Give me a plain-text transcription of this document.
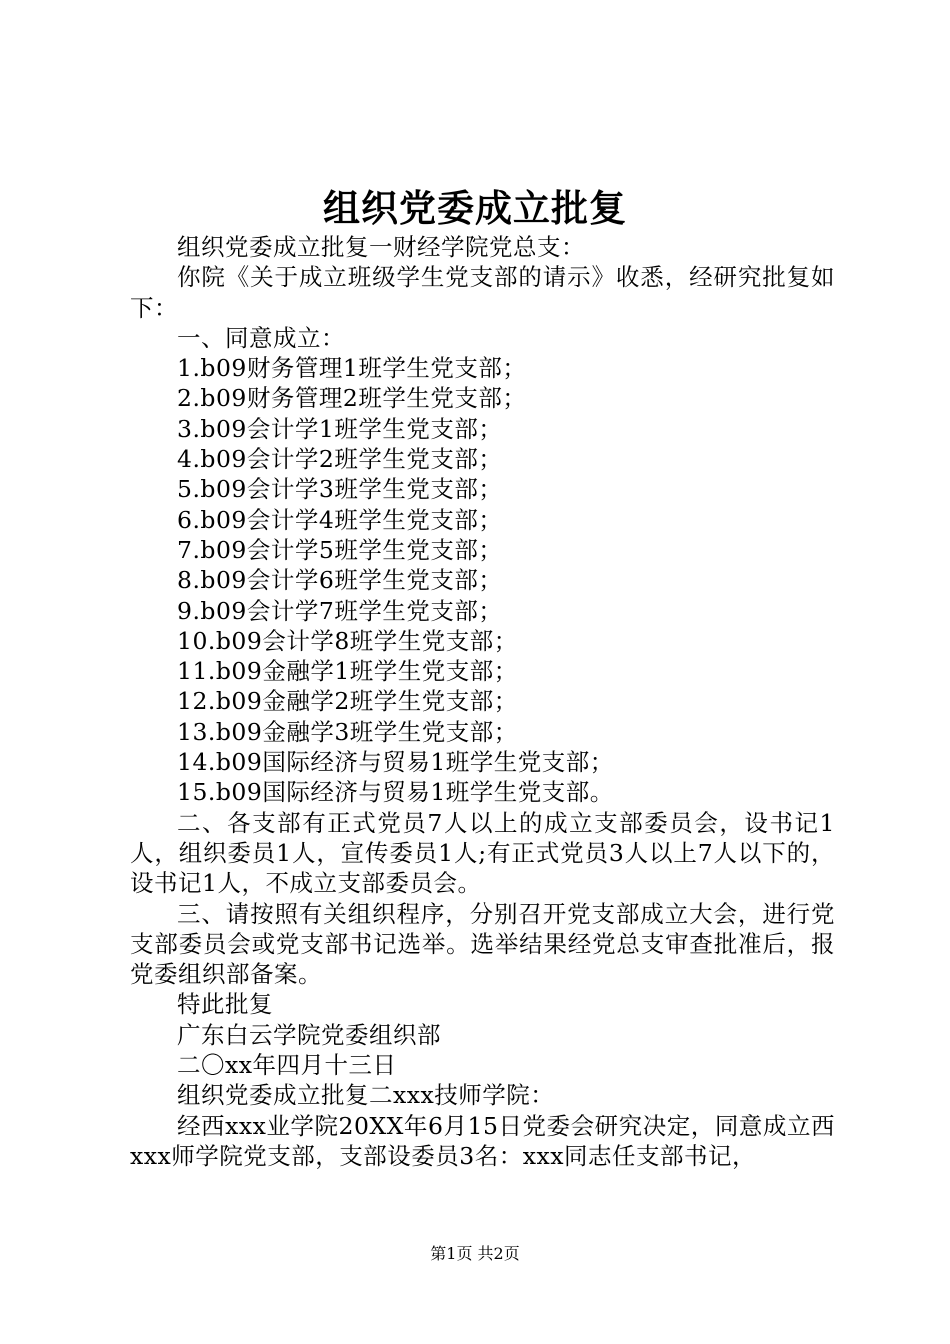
组织党委成立批复

组织党委成立批复一财经学院党总支：

你院《关于成立班级学生党支部的请示》收悉，经研究批复如下：

一、同意成立：

1.b09财务管理1班学生党支部；

2.b09财务管理2班学生党支部；

3.b09会计学1班学生党支部；

4.b09会计学2班学生党支部；

5.b09会计学3班学生党支部；

6.b09会计学4班学生党支部；

7.b09会计学5班学生党支部；

8.b09会计学6班学生党支部；

9.b09会计学7班学生党支部；

10.b09会计学8班学生党支部；

11.b09金融学1班学生党支部；

12.b09金融学2班学生党支部；

13.b09金融学3班学生党支部；

14.b09国际经济与贸易1班学生党支部；

15.b09国际经济与贸易1班学生党支部。

二、各支部有正式党员7人以上的成立支部委员会，设书记1人，组织委员1人，宣传委员1人;有正式党员3人以上7人以下的，设书记1人，不成立支部委员会。

三、请按照有关组织程序，分别召开党支部成立大会，进行党支部委员会或党支部书记选举。选举结果经党总支审查批准后，报党委组织部备案。

特此批复

广东白云学院党委组织部

二〇xx年四月十三日

组织党委成立批复二xxx技师学院：

经西xxx业学院20XX年6月15日党委会研究决定，同意成立西xxx师学院党支部，支部设委员3名：xxx同志任支部书记，

第1页 共2页
